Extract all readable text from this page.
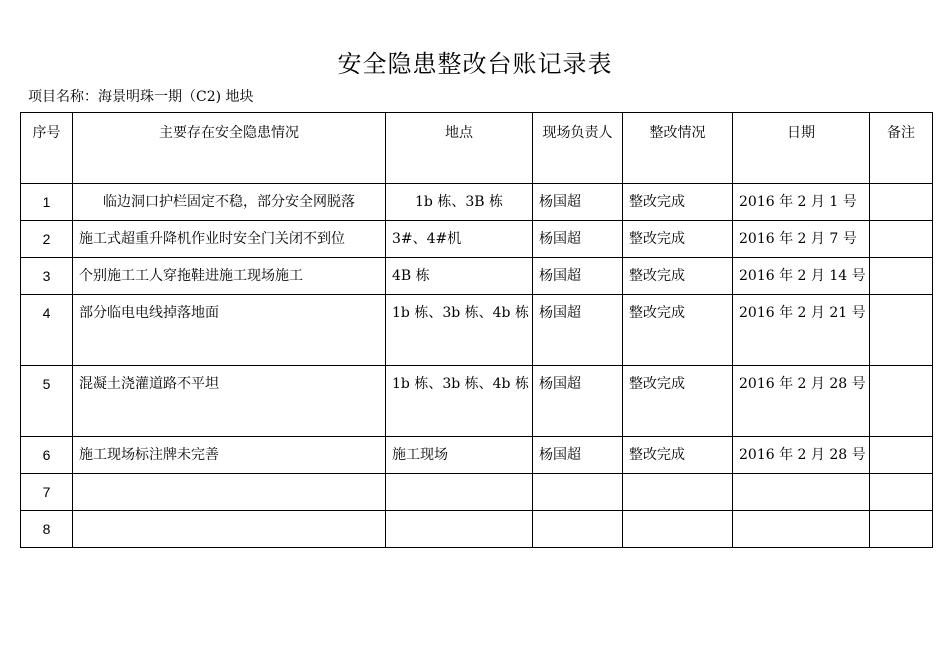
安全隐患整改台账记录表
项目名称：海景明珠一期（C2) 地块
序号	主要存在安全隐患情况	地点	现场负责人	整改情况	日期	备注
1	临边洞口护栏固定不稳，部分安全网脱落	1b 栋、3B 栋	杨国超	整改完成	2016 年 2 月 1 号	
2	施工式超重升降机作业时安全门关闭不到位	3#、4#机	杨国超	整改完成	2016 年 2 月 7 号	
3	个别施工工人穿拖鞋进施工现场施工	4B 栋	杨国超	整改完成	2016 年 2 月 14 号	
4	部分临电电线掉落地面	1b 栋、3b 栋、4b 栋	杨国超	整改完成	2016 年 2 月 21 号	
5	混凝土浇灌道路不平坦	1b 栋、3b 栋、4b 栋	杨国超	整改完成	2016 年 2 月 28 号	
6	施工现场标注牌未完善	施工现场	杨国超	整改完成	2016 年 2 月 28 号	
7						
8						
